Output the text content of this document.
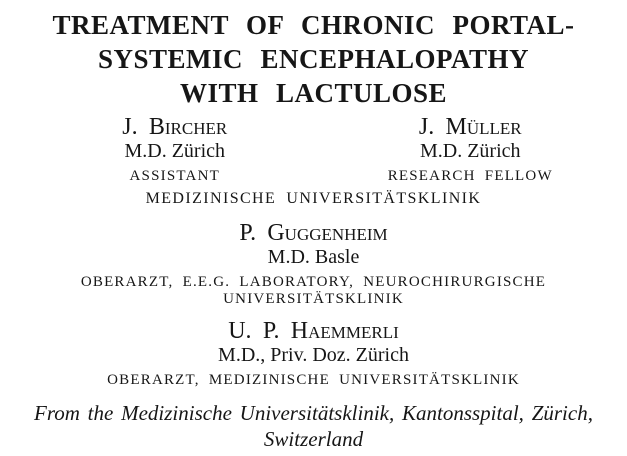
TREATMENT OF CHRONIC PORTAL-
SYSTEMIC ENCEPHALOPATHY
WITH LACTULOSE
J. Bircher
M.D. Zürich
ASSISTANT
J. Müller
M.D. Zürich
RESEARCH FELLOW
MEDIZINISCHE UNIVERSITÄTSKLINIK
P. Guggenheim
M.D. Basle
OBERARZT, E.E.G. LABORATORY, NEUROCHIRURGISCHE
UNIVERSITÄTSKLINIK
U. P. Haemmerli
M.D., Priv. Doz. Zürich
OBERARZT, MEDIZINISCHE UNIVERSITÄTSKLINIK
From the Medizinische Universitätsklinik, Kantonsspital, Zürich,
Switzerland
